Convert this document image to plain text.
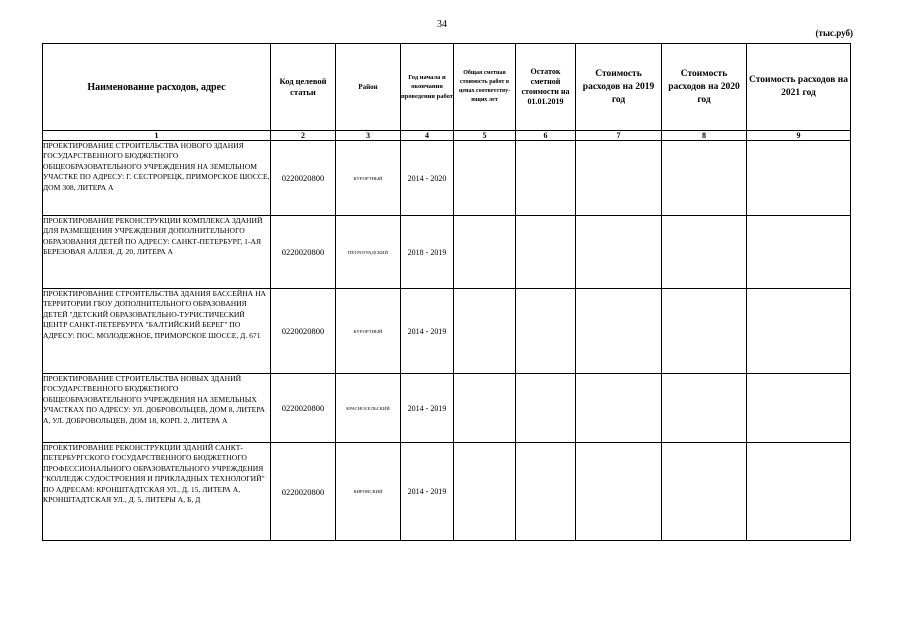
34
(тыс.руб)
Наименование расходов, адрес	Код целевой статьи	Район	Год начала и окончания проведения работ	Общая сметная стоимость работ в ценах соответству-ющих лет	Остаток сметной стоимости на 01.01.2019	Стоимость расходов на 2019 год	Стоимость расходов на 2020 год	Стоимость расходов на 2021 год
1	2	3	4	5	6	7	8	9
ПРОЕКТИРОВАНИЕ СТРОИТЕЛЬСТВА НОВОГО ЗДАНИЯ ГОСУДАРСТВЕННОГО БЮДЖЕТНОГО ОБЩЕОБРАЗОВАТЕЛЬНОГО УЧРЕЖДЕНИЯ НА ЗЕМЕЛЬНОМ УЧАСТКЕ ПО АДРЕСУ: Г. СЕСТРОРЕЦК, ПРИМОРСКОЕ ШОССЕ, ДОМ 308, ЛИТЕРА А	0220020800	КУРОРТНЫЙ	2014 - 2020					
ПРОЕКТИРОВАНИЕ РЕКОНСТРУКЦИИ КОМПЛЕКСА ЗДАНИЙ ДЛЯ РАЗМЕЩЕНИЯ УЧРЕЖДЕНИЯ ДОПОЛНИТЕЛЬНОГО ОБРАЗОВАНИЯ ДЕТЕЙ ПО АДРЕСУ: САНКТ-ПЕТЕРБУРГ, 1-АЯ БЕРЕЗОВАЯ АЛЛЕЯ, Д. 20, ЛИТЕРА А	0220020800	ПЕТРОГРАДСКИЙ	2018 - 2019					
ПРОЕКТИРОВАНИЕ СТРОИТЕЛЬСТВА ЗДАНИЯ БАССЕЙНА НА ТЕРРИТОРИИ ГБОУ ДОПОЛНИТЕЛЬНОГО ОБРАЗОВАНИЯ ДЕТЕЙ "ДЕТСКИЙ ОБРАЗОВАТЕЛЬНО-ТУРИСТИЧЕСКИЙ ЦЕНТР САНКТ-ПЕТЕРБУРГА "БАЛТИЙСКИЙ БЕРЕГ" ПО АДРЕСУ: ПОС. МОЛОДЕЖНОЕ, ПРИМОРСКОЕ ШОССЕ, Д. 671	0220020800	КУРОРТНЫЙ	2014 - 2019					
ПРОЕКТИРОВАНИЕ СТРОИТЕЛЬСТВА НОВЫХ ЗДАНИЙ ГОСУДАРСТВЕННОГО БЮДЖЕТНОГО ОБЩЕОБРАЗОВАТЕЛЬНОГО УЧРЕЖДЕНИЯ НА ЗЕМЕЛЬНЫХ УЧАСТКАХ ПО АДРЕСУ: УЛ. ДОБРОВОЛЬЦЕВ, ДОМ 8, ЛИТЕРА А, УЛ. ДОБРОВОЛЬЦЕВ, ДОМ 18, КОРП. 2, ЛИТЕРА А	0220020800	КРАСНОСЕЛЬСКИЙ	2014 - 2019					
ПРОЕКТИРОВАНИЕ РЕКОНСТРУКЦИИ ЗДАНИЙ САНКТ-ПЕТЕРБУРГСКОГО ГОСУДАРСТВЕННОГО БЮДЖЕТНОГО ПРОФЕССИОНАЛЬНОГО ОБРАЗОВАТЕЛЬНОГО УЧРЕЖДЕНИЯ "КОЛЛЕДЖ СУДОСТРОЕНИЯ И ПРИКЛАДНЫХ ТЕХНОЛОГИЙ" ПО АДРЕСАМ: КРОНШТАДТСКАЯ УЛ., Д. 15, ЛИТЕРА А, КРОНШТАДТСКАЯ УЛ., Д. 5, ЛИТЕРЫ А, Б, Д	0220020800	КИРОВСКИЙ	2014 - 2019					
